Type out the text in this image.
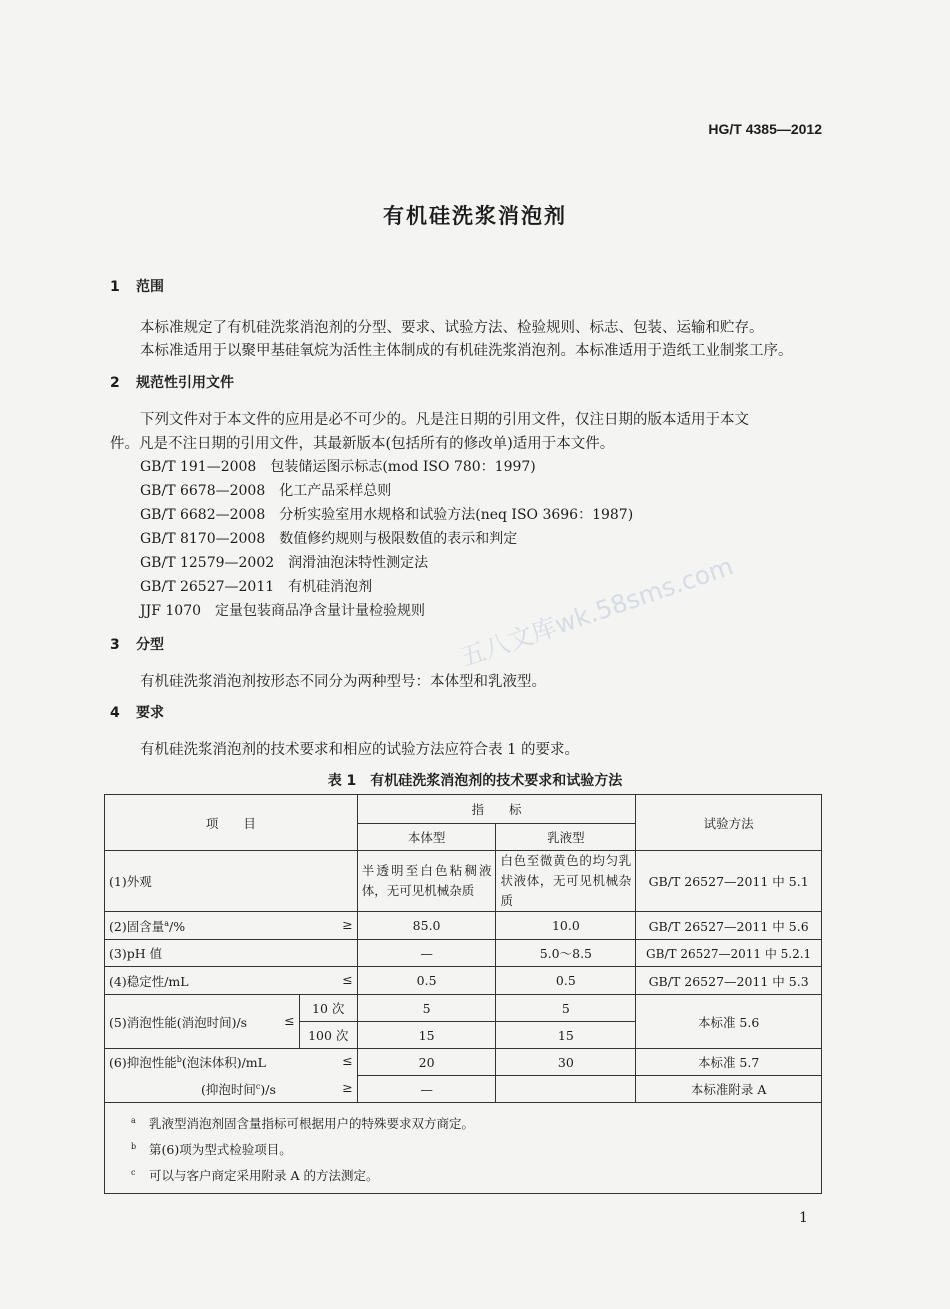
HG/T 4385—2012
有机硅洗浆消泡剂
1 范围
本标准规定了有机硅洗浆消泡剂的分型、要求、试验方法、检验规则、标志、包装、运输和贮存。
本标准适用于以聚甲基硅氧烷为活性主体制成的有机硅洗浆消泡剂。本标准适用于造纸工业制浆工序。
2 规范性引用文件
下列文件对于本文件的应用是必不可少的。凡是注日期的引用文件，仅注日期的版本适用于本文
件。凡是不注日期的引用文件，其最新版本(包括所有的修改单)适用于本文件。
GB/T 191—2008 包装储运图示标志(mod ISO 780：1997)
GB/T 6678—2008 化工产品采样总则
GB/T 6682—2008 分析实验室用水规格和试验方法(neq ISO 3696：1987)
GB/T 8170—2008 数值修约规则与极限数值的表示和判定
GB/T 12579—2002 润滑油泡沫特性测定法
GB/T 26527—2011 有机硅消泡剂
JJF 1070 定量包装商品净含量计量检验规则
3 分型
有机硅洗浆消泡剂按形态不同分为两种型号：本体型和乳液型。
4 要求
有机硅洗浆消泡剂的技术要求和相应的试验方法应符合表 1 的要求。
五八文库wk.58sms.com
表 1　有机硅洗浆消泡剂的技术要求和试验方法
项　　目		指　　标		试验方法
		本体型	乳液型	
(1)外观		半透明至白色粘稠液体，无可见机械杂质	白色至微黄色的均匀乳状液体，无可见机械杂质	GB/T 26527—2011 中 5.1

(2)固含量$^a$/% ≥		85.0	10.0	GB/T 26527—2011 中 5.6
(3)pH 值		—	5.0～8.5	GB/T 26527—2011 中 5.2.1

(4)稳定性/mL ≤		0.5	0.5	GB/T 26527—2011 中 5.3

(5)消泡性能(消泡时间)/s ≤	10 次	5	5	本标准 5.6
	100 次	15	15	

(6)抑泡性能$^b$(泡沫体积)/mL ≤		20	30	本标准 5.7

(抑泡时间$^c$)/s ≥		—		本标准附录 A

$^a$ 乳液型消泡剂固含量指标可根据用户的特殊要求双方商定。
$^b$ 第(6)项为型式检验项目。
$^c$ 可以与客户商定采用附录 A 的方法测定。				
1
